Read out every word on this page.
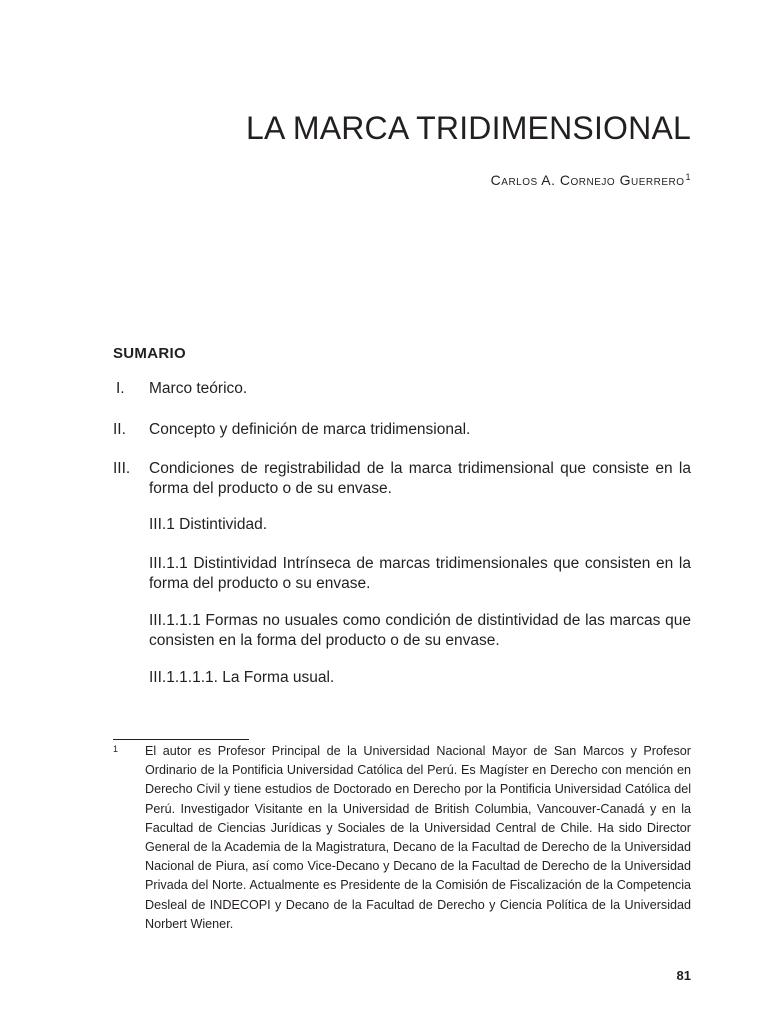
LA MARCA TRIDIMENSIONAL
Carlos A. Cornejo Guerrero$^1$
SUMARIO
I. Marco teórico.
II. Concepto y definición de marca tridimensional.
III. Condiciones de registrabilidad de la marca tridimensional que consiste en la forma del producto o de su envase.
III.1 Distintividad.
III.1.1 Distintividad Intrínseca de marcas tridimensionales que consisten en la forma del producto o su envase.
III.1.1.1 Formas no usuales como condición de distintividad de las marcas que consisten en la forma del producto o de su envase.
III.1.1.1.1. La Forma usual.
1 El autor es Profesor Principal de la Universidad Nacional Mayor de San Marcos y Profesor Ordinario de la Pontificia Universidad Católica del Perú. Es Magíster en Derecho con mención en Derecho Civil y tiene estudios de Doctorado en Derecho por la Pontificia Universidad Católica del Perú. Investigador Visitante en la Universidad de British Columbia, Vancouver-Canadá y en la Facultad de Ciencias Jurídicas y Sociales de la Universidad Central de Chile. Ha sido Director General de la Academia de la Magistratura, Decano de la Facultad de Derecho de la Universidad Nacional de Piura, así como Vice-Decano y Decano de la Facultad de Derecho de la Universidad Privada del Norte. Actualmente es Presidente de la Comisión de Fiscalización de la Competencia Desleal de INDECOPI y Decano de la Facultad de Derecho y Ciencia Política de la Universidad Norbert Wiener.

81
